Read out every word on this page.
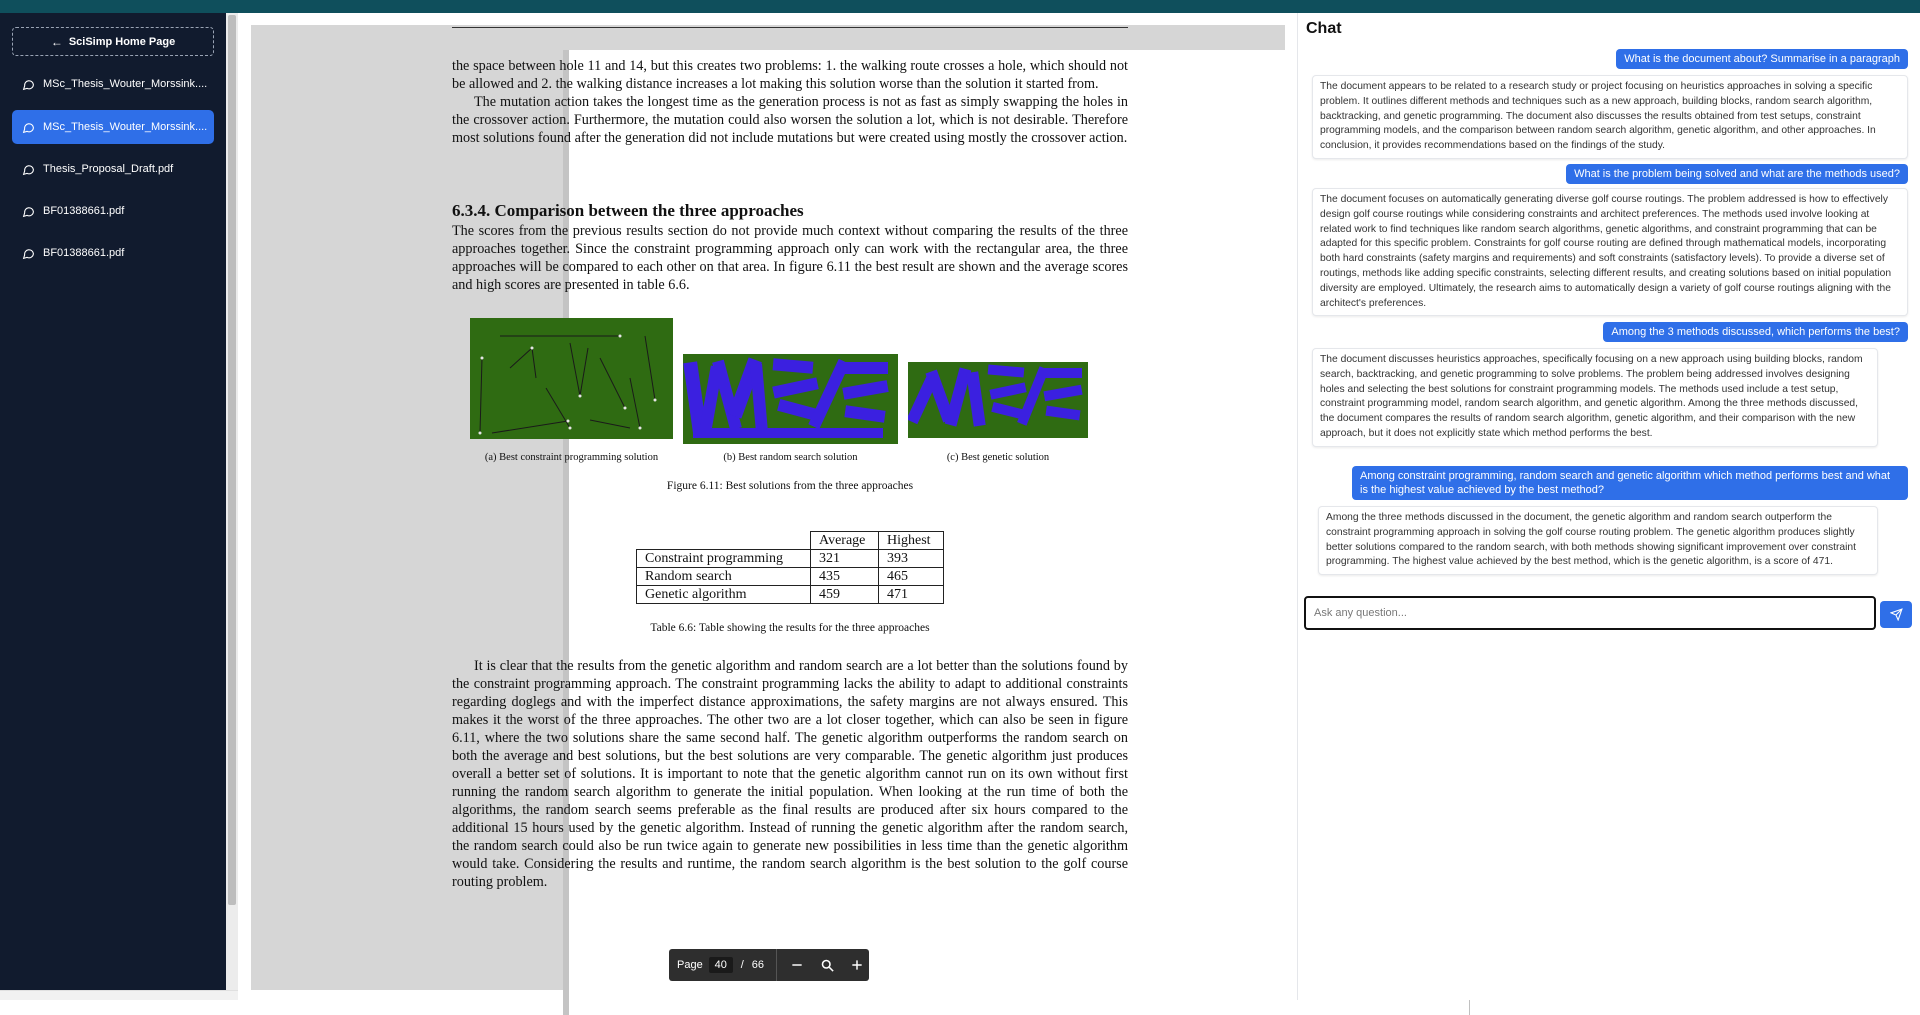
← SciSimp Home Page
MSc_Thesis_Wouter_Morssink....
MSc_Thesis_Wouter_Morssink....
Thesis_Proposal_Draft.pdf
BF01388661.pdf
BF01388661.pdf

the space between hole 11 and 14, but this creates two problems: 1. the walking route crosses a hole, which should not be allowed and 2. the walking distance increases a lot making this solution worse than the solution it started from.

The mutation action takes the longest time as the generation process is not as fast as simply swapping the holes in the crossover action. Furthermore, the mutation could also worsen the solution a lot, which is not desirable. Therefore most solutions found after the generation did not include mutations but were created using mostly the crossover action.

6.3.4. Comparison between the three approaches

The scores from the previous results section do not provide much context without comparing the results of the three approaches together. Since the constraint programming approach only can work with the rectangular area, the three approaches will be compared to each other on that area. In figure 6.11 the best result are shown and the average scores and high scores are presented in table 6.6.

(a) Best constraint programming solution	(b) Best random search solution	(c) Best genetic solution
Figure 6.11: Best solutions from the three approaches
	Average	Highest
Constraint programming	321	393
Random search	435	465
Genetic algorithm	459	471
Table 6.6: Table showing the results for the three approaches

It is clear that the results from the genetic algorithm and random search are a lot better than the solutions found by the constraint programming approach. The constraint programming lacks the ability to adapt to additional constraints regarding doglegs and with the imperfect distance approximations, the safety margins are not always ensured. This makes it the worst of the three approaches. The other two are a lot closer together, which can also be seen in figure 6.11, where the two solutions share the same second half. The genetic algorithm outperforms the random search on both the average and best solutions, but the best solutions are very comparable. The genetic algorithm just produces overall a better set of solutions. It is important to note that the genetic algorithm cannot run on its own without first running the random search algorithm to generate the initial population. When looking at the run time of both the algorithms, the random search seems preferable as the final results are produced after six hours compared to the additional 15 hours used by the genetic algorithm. Instead of running the genetic algorithm after the random search, the random search could also be run twice again to generate new possibilities in less time than the genetic algorithm would take. Considering the results and runtime, the random search algorithm is the best solution to the golf course routing problem.

Page	40	/ 66
Chat
What is the document about? Summarise in a paragraph
The document appears to be related to a research study or project focusing on heuristics approaches in solving a specific problem. It outlines different methods and techniques such as a new approach, building blocks, random search algorithm, backtracking, and genetic programming. The document also discusses the results obtained from test setups, constraint programming models, and the comparison between random search algorithm, genetic algorithm, and other approaches. In conclusion, it provides recommendations based on the findings of the study.
What is the problem being solved and what are the methods used?
The document focuses on automatically generating diverse golf course routings. The problem addressed is how to effectively design golf course routings while considering constraints and architect preferences. The methods used involve looking at related work to find techniques like random search algorithms, genetic algorithms, and constraint programming that can be adapted for this specific problem. Constraints for golf course routing are defined through mathematical models, incorporating both hard constraints (safety margins and requirements) and soft constraints (satisfactory levels). To provide a diverse set of routings, methods like adding specific constraints, selecting different results, and creating solutions based on initial population diversity are employed. Ultimately, the research aims to automatically design a variety of golf course routings aligning with the architect's preferences.
Among the 3 methods discussed, which performs the best?
The document discusses heuristics approaches, specifically focusing on a new approach using building blocks, random search, backtracking, and genetic programming to solve problems. The problem being addressed involves designing holes and selecting the best solutions for constraint programming models. The methods used include a test setup, constraint programming model, random search algorithm, and genetic algorithm. Among the three methods discussed, the document compares the results of random search algorithm, genetic algorithm, and their comparison with the new approach, but it does not explicitly state which method performs the best.
Among constraint programming, random search and genetic algorithm which method performs best and what is the highest value achieved by the best method?
Among the three methods discussed in the document, the genetic algorithm and random search outperform the constraint programming approach in solving the golf course routing problem. The genetic algorithm produces slightly better solutions compared to the random search, with both methods showing significant improvement over constraint programming. The highest value achieved by the best method, which is the genetic algorithm, is a score of 471.
Ask any question...
